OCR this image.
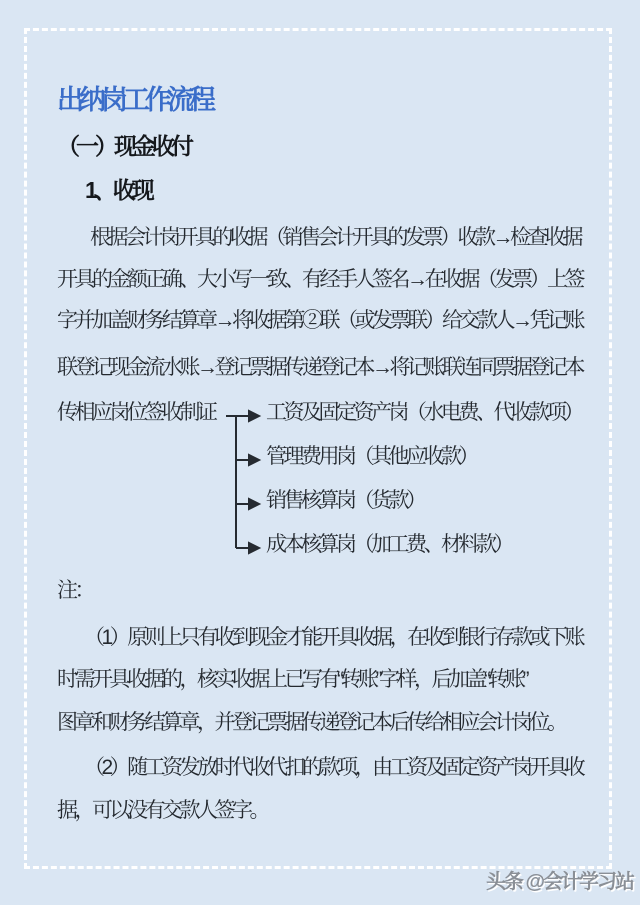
出纳岗工作流程
（一）现金收付
1、收现
根据会计岗开具的收据（销售会计开具的发票）收款→检查收据
开具的金额正确、大小写一致、有经手人签名→在收据（发票）上签
字并加盖财务结算章→将收据第②联（或发票联）给交款人→凭记账
联登记现金流水账→登记票据传递登记本→将记账联连同票据登记本
传相应岗位签收制证 工资及固定资产岗（水电费、代收款项）
管理费用岗（其他应收款）
销售核算岗（货款）
成本核算岗（加工费、材料款）
注：
（1）原则上只有收到现金才能开具收据，在收到银行存款或下账
时需开具收据的，核实收据上已写有“转账”字样，后加盖“转账”
图章和财务结算章，并登记票据传递登记本后传给相应会计岗位。
（2）随工资发放时代收代扣的款项，由工资及固定资产岗开具收
据，可以没有交款人签字。
头条 @会计学习站
